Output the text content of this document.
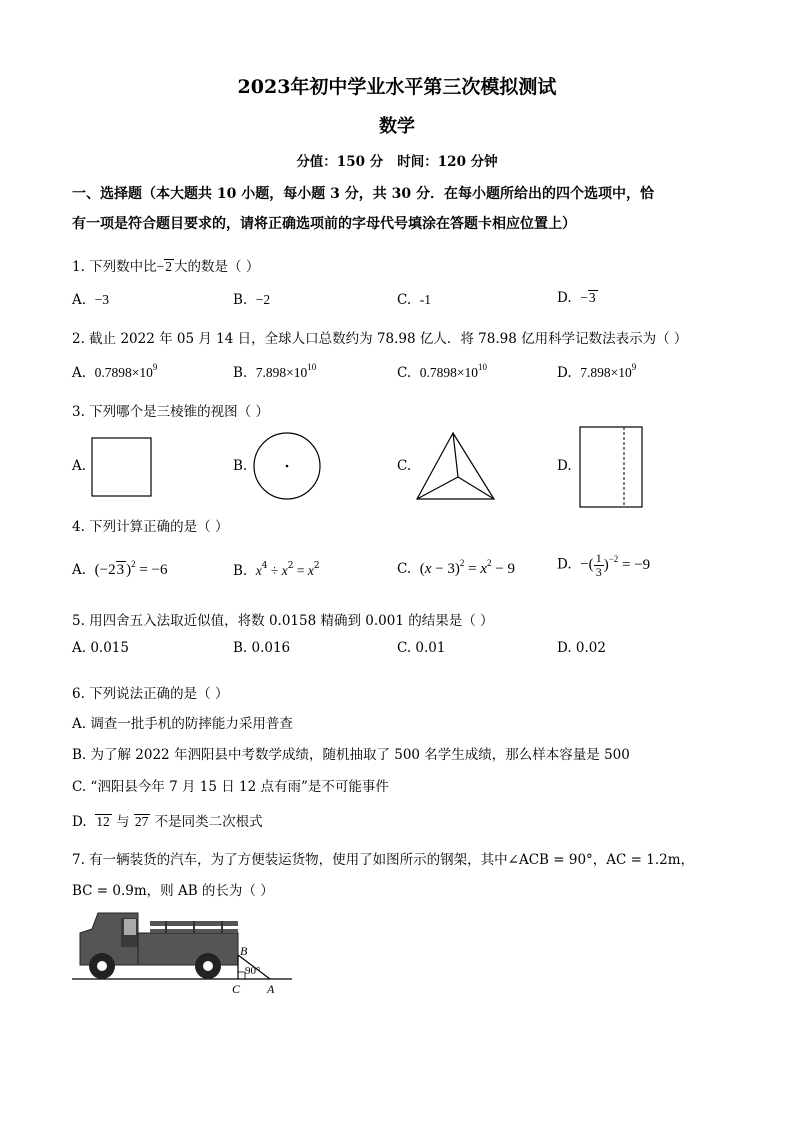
2023年初中学业水平第三次模拟测试
数学
分值：150 分   时间：120 分钟
一、选择题（本大题共 10 小题，每小题 3 分，共 30 分．在每小题所给出的四个选项中，恰
有一项是符合题目要求的，请将正确选项前的字母代号填涂在答题卡相应位置上）
1. 下列数中比−2 大的数是（ ）
A.  −3	B.  −2	C.  -1	D.  −3
2. 截止 2022 年 05 月 14 日，全球人口总数约为 78.98 亿人．将 78.98 亿用科学记数法表示为（ ）
A.  $0.7898\times 10^9$	B.  $7.898\times 10^{10}$	C.  $0.7898\times 10^{10}$	D.  $7.898\times 10^9$
3. 下列哪个是三棱锥的视图（ ）
A.	B.	C.	D.
4. 下列计算正确的是（ ）
A.  (−23 )$^2$ = −6	B.  $x^4 \div x^2 = x^2$	C.  $(x - 3)^2 = x^2 - 9$	D.  −( $\frac{1}{3} )^{-2} = -9$
5. 用四舍五入法取近似值，将数 0.0158 精确到 0.001 的结果是（ ）
A. 0.015	B. 0.016	C. 0.01	D. 0.02
6. 下列说法正确的是（ ）
A. 调查一批手机的防摔能力采用普查
B. 为了解 2022 年泗阳县中考数学成绩，随机抽取了 500 名学生成绩，那么样本容量是 500
C. “泗阳县今年 7 月 15 日 12 点有雨”是不可能事件
D.  12 与 27 不是同类二次根式
7. 有一辆装货的汽车，为了方便装运货物，使用了如图所示的钢架，其中∠ACB = 90°，AC = 1.2m，
BC = 0.9m，则 AB 的长为（ ）
B
90°
C A
